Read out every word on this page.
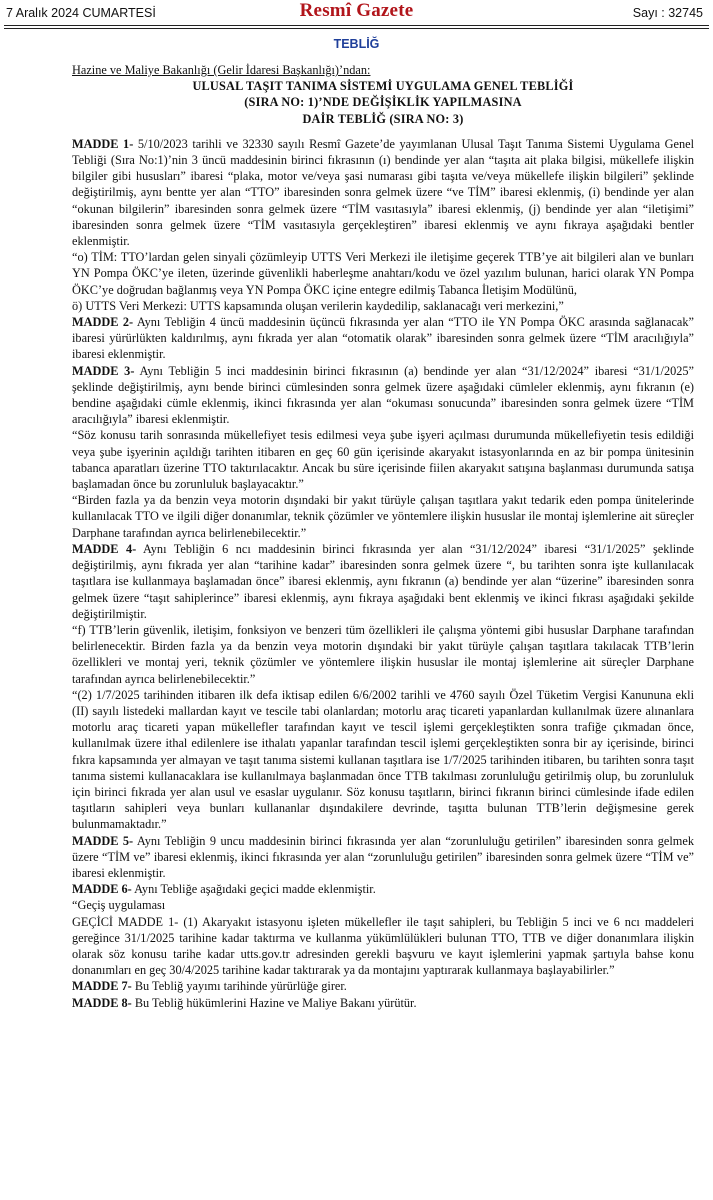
7 Aralık 2024 CUMARTESİ	Resmî Gazete	Sayı : 32745
TEBLİĞ

Hazine ve Maliye Bakanlığı (Gelir İdaresi Başkanlığı)’ndan:

ULUSAL TAŞIT TANIMA SİSTEMİ UYGULAMA GENEL TEBLİĞİ

(SIRA NO: 1)’NDE DEĞİŞİKLİK YAPILMASINA

DAİR TEBLİĞ (SIRA NO: 3)

MADDE 1- 5/10/2023 tarihli ve 32330 sayılı Resmî Gazete’de yayımlanan Ulusal Taşıt Tanıma Sistemi Uygulama Genel Tebliği (Sıra No:1)’nin 3 üncü maddesinin birinci fıkrasının (ı) bendinde yer alan “taşıta ait plaka bilgisi, mükellefe ilişkin bilgiler gibi hususları” ibaresi “plaka, motor ve/veya şasi numarası gibi taşıta ve/veya mükellefe ilişkin bilgileri” şeklinde değiştirilmiş, aynı bentte yer alan “TTO” ibaresinden sonra gelmek üzere “ve TİM” ibaresi eklenmiş, (i) bendinde yer alan “okunan bilgilerin” ibaresinden sonra gelmek üzere “TİM vasıtasıyla” ibaresi eklenmiş, (j) bendinde yer alan “iletişimi” ibaresinden sonra gelmek üzere “TİM vasıtasıyla gerçekleştiren” ibaresi eklenmiş ve aynı fıkraya aşağıdaki bentler eklenmiştir.

“o) TİM: TTO’lardan gelen sinyali çözümleyip UTTS Veri Merkezi ile iletişime geçerek TTB’ye ait bilgileri alan ve bunları YN Pompa ÖKC’ye ileten, üzerinde güvenlikli haberleşme anahtarı/kodu ve özel yazılım bulunan, harici olarak YN Pompa ÖKC’ye doğrudan bağlanmış veya YN Pompa ÖKC içine entegre edilmiş Tabanca İletişim Modülünü,

ö) UTTS Veri Merkezi: UTTS kapsamında oluşan verilerin kaydedilip, saklanacağı veri merkezini,”

MADDE 2- Aynı Tebliğin 4 üncü maddesinin üçüncü fıkrasında yer alan “TTO ile YN Pompa ÖKC arasında sağlanacak” ibaresi yürürlükten kaldırılmış, aynı fıkrada yer alan “otomatik olarak” ibaresinden sonra gelmek üzere “TİM aracılığıyla” ibaresi eklenmiştir.

MADDE 3- Aynı Tebliğin 5 inci maddesinin birinci fıkrasının (a) bendinde yer alan “31/12/2024” ibaresi “31/1/2025” şeklinde değiştirilmiş, aynı bende birinci cümlesinden sonra gelmek üzere aşağıdaki cümleler eklenmiş, aynı fıkranın (e) bendine aşağıdaki cümle eklenmiş, ikinci fıkrasında yer alan “okuması sonucunda” ibaresinden sonra gelmek üzere “TİM aracılığıyla” ibaresi eklenmiştir.

“Söz konusu tarih sonrasında mükellefiyet tesis edilmesi veya şube işyeri açılması durumunda mükellefiyetin tesis edildiği veya şube işyerinin açıldığı tarihten itibaren en geç 60 gün içerisinde akaryakıt istasyonlarında en az bir pompa ünitesinin tabanca aparatları üzerine TTO taktırılacaktır. Ancak bu süre içerisinde fiilen akaryakıt satışına başlanması durumunda satışa başlamadan önce bu zorunluluk başlayacaktır.”

“Birden fazla ya da benzin veya motorin dışındaki bir yakıt türüyle çalışan taşıtlara yakıt tedarik eden pompa ünitelerinde kullanılacak TTO ve ilgili diğer donanımlar, teknik çözümler ve yöntemlere ilişkin hususlar ile montaj işlemlerine ait süreçler Darphane tarafından ayrıca belirlenebilecektir.”

MADDE 4- Aynı Tebliğin 6 ncı maddesinin birinci fıkrasında yer alan “31/12/2024” ibaresi “31/1/2025” şeklinde değiştirilmiş, aynı fıkrada yer alan “tarihine kadar” ibaresinden sonra gelmek üzere “, bu tarihten sonra işte kullanılacak taşıtlara ise kullanmaya başlamadan önce” ibaresi eklenmiş, aynı fıkranın (a) bendinde yer alan “üzerine” ibaresinden sonra gelmek üzere “taşıt sahiplerince” ibaresi eklenmiş, aynı fıkraya aşağıdaki bent eklenmiş ve ikinci fıkrası aşağıdaki şekilde değiştirilmiştir.

“f) TTB’lerin güvenlik, iletişim, fonksiyon ve benzeri tüm özellikleri ile çalışma yöntemi gibi hususlar Darphane tarafından belirlenecektir. Birden fazla ya da benzin veya motorin dışındaki bir yakıt türüyle çalışan taşıtlara takılacak TTB’lerin özellikleri ve montaj yeri, teknik çözümler ve yöntemlere ilişkin hususlar ile montaj işlemlerine ait süreçler Darphane tarafından ayrıca belirlenebilecektir.”

“(2) 1/7/2025 tarihinden itibaren ilk defa iktisap edilen 6/6/2002 tarihli ve 4760 sayılı Özel Tüketim Vergisi Kanununa ekli (II) sayılı listedeki mallardan kayıt ve tescile tabi olanlardan; motorlu araç ticareti yapanlardan kullanılmak üzere alınanlara motorlu araç ticareti yapan mükellefler tarafından kayıt ve tescil işlemi gerçekleştikten sonra trafiğe çıkmadan önce, kullanılmak üzere ithal edilenlere ise ithalatı yapanlar tarafından tescil işlemi gerçekleştikten sonra bir ay içerisinde, birinci fıkra kapsamında yer almayan ve taşıt tanıma sistemi kullanan taşıtlara ise 1/7/2025 tarihinden itibaren, bu tarihten sonra taşıt tanıma sistemi kullanacaklara ise kullanılmaya başlanmadan önce TTB takılması zorunluluğu getirilmiş olup, bu zorunluluk için birinci fıkrada yer alan usul ve esaslar uygulanır. Söz konusu taşıtların, birinci fıkranın birinci cümlesinde ifade edilen taşıtların sahipleri veya bunları kullananlar dışındakilere devrinde, taşıtta bulunan TTB’lerin değişmesine gerek bulunmamaktadır.”

MADDE 5- Aynı Tebliğin 9 uncu maddesinin birinci fıkrasında yer alan “zorunluluğu getirilen” ibaresinden sonra gelmek üzere “TİM ve” ibaresi eklenmiş, ikinci fıkrasında yer alan “zorunluluğu getirilen” ibaresinden sonra gelmek üzere “TİM ve” ibaresi eklenmiştir.

MADDE 6- Aynı Tebliğe aşağıdaki geçici madde eklenmiştir.

“Geçiş uygulaması

GEÇİCİ MADDE 1- (1) Akaryakıt istasyonu işleten mükellefler ile taşıt sahipleri, bu Tebliğin 5 inci ve 6 ncı maddeleri gereğince 31/1/2025 tarihine kadar taktırma ve kullanma yükümlülükleri bulunan TTO, TTB ve diğer donanımlara ilişkin olarak söz konusu tarihe kadar utts.gov.tr adresinden gerekli başvuru ve kayıt işlemlerini yapmak şartıyla bahse konu donanımları en geç 30/4/2025 tarihine kadar taktırarak ya da montajını yaptırarak kullanmaya başlayabilirler.”

MADDE 7- Bu Tebliğ yayımı tarihinde yürürlüğe girer.

MADDE 8- Bu Tebliğ hükümlerini Hazine ve Maliye Bakanı yürütür.
